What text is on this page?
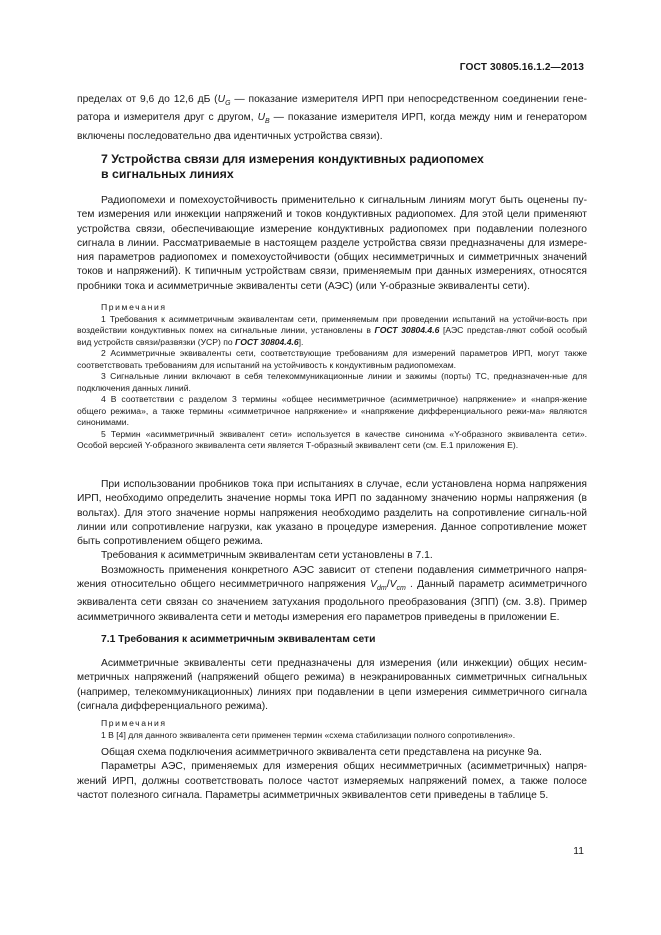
ГОСТ 30805.16.1.2—2013

пределах от 9,6 до 12,6 дБ ($U_G$ — показание измерителя ИРП при непосредственном соединении гене- ратора и измерителя друг с другом, $U_B$ — показание измерителя ИРП, когда между ним и генератором включены последовательно два идентичных устройства связи).

7 Устройства связи для измерения кондуктивных радиопомех

в сигнальных линиях

Радиопомехи и помехоустойчивость применительно к сигнальным линиям могут быть оценены пу-тем измерения или инжекции напряжений и токов кондуктивных радиопомех. Для этой цели применяют устройства связи, обеспечивающие измерение кондуктивных радиопомех при подавлении полезного сигнала в линии. Рассматриваемые в настоящем разделе устройства связи предназначены для измере-ния параметров радиопомех и помехоустойчивости (общих несимметричных и симметричных значений токов и напряжений). К типичным устройствам связи, применяемым при данных измерениях, относятся пробники тока и асимметричные эквиваленты сети (АЭС) (или Y-образные эквиваленты сети).

Примечания

1 Требования к асимметричным эквивалентам сети, применяемым при проведении испытаний на устойчи-вость при воздействии кондуктивных помех на сигнальные линии, установлены в ГОСТ 30804.4.6 [АЭС представ-ляют собой особый вид устройств связи/развязки (УСР) по ГОСТ 30804.4.6].

2 Асимметричные эквиваленты сети, соответствующие требованиям для измерений параметров ИРП, могут также соответствовать требованиям для испытаний на устойчивость к кондуктивным радиопомехам.

3 Сигнальные линии включают в себя телекоммуникационные линии и зажимы (порты) ТС, предназначен-ные для подключения данных линий.

4 В соответствии с разделом 3 термины «общее несимметричное (асимметричное) напряжение» и «напря-жение общего режима», а также термины «симметричное напряжение» и «напряжение дифференциального режи-ма» являются синонимами.

5 Термин «асимметричный эквивалент сети» используется в качестве синонима «Y-образного эквивалента сети». Особой версией Y-образного эквивалента сети является Т-образный эквивалент сети (см. Е.1 приложения Е).

При использовании пробников тока при испытаниях в случае, если установлена норма напряжения ИРП, необходимо определить значение нормы тока ИРП по заданному значению нормы напряжения (в вольтах). Для этого значение нормы напряжения необходимо разделить на сопротивление сигналь-ной линии или сопротивление нагрузки, как указано в процедуре измерения. Данное сопротивление может быть сопротивлением общего режима.

Требования к асимметричным эквивалентам сети установлены в 7.1.

Возможность применения конкретного АЭС зависит от степени подавления симметричного напря-жения относительно общего несимметричного напряжения $V_{dm}/V_{cm}$ . Данный параметр асимметричного эквивалента сети связан со значением затухания продольного преобразования (ЗПП) (см. 3.8). Пример асимметричного эквивалента сети и методы измерения его параметров приведены в приложении Е.

7.1 Требования к асимметричным эквивалентам сети

Асимметричные эквиваленты сети предназначены для измерения (или инжекции) общих несим-метричных напряжений (напряжений общего режима) в неэкранированных симметричных сигнальных (например, телекоммуникационных) линиях при подавлении в цепи измерения симметричного сигнала (сигнала дифференциального режима).

Примечания

1 В [4] для данного эквивалента сети применен термин «схема стабилизации полного сопротивления».

Общая схема подключения асимметричного эквивалента сети представлена на рисунке 9а.

Параметры АЭС, применяемых для измерения общих несимметричных (асимметричных) напря-жений ИРП, должны соответствовать полосе частот измеряемых напряжений помех, а также полосе частот полезного сигнала. Параметры асимметричных эквивалентов сети приведены в таблице 5.

11
